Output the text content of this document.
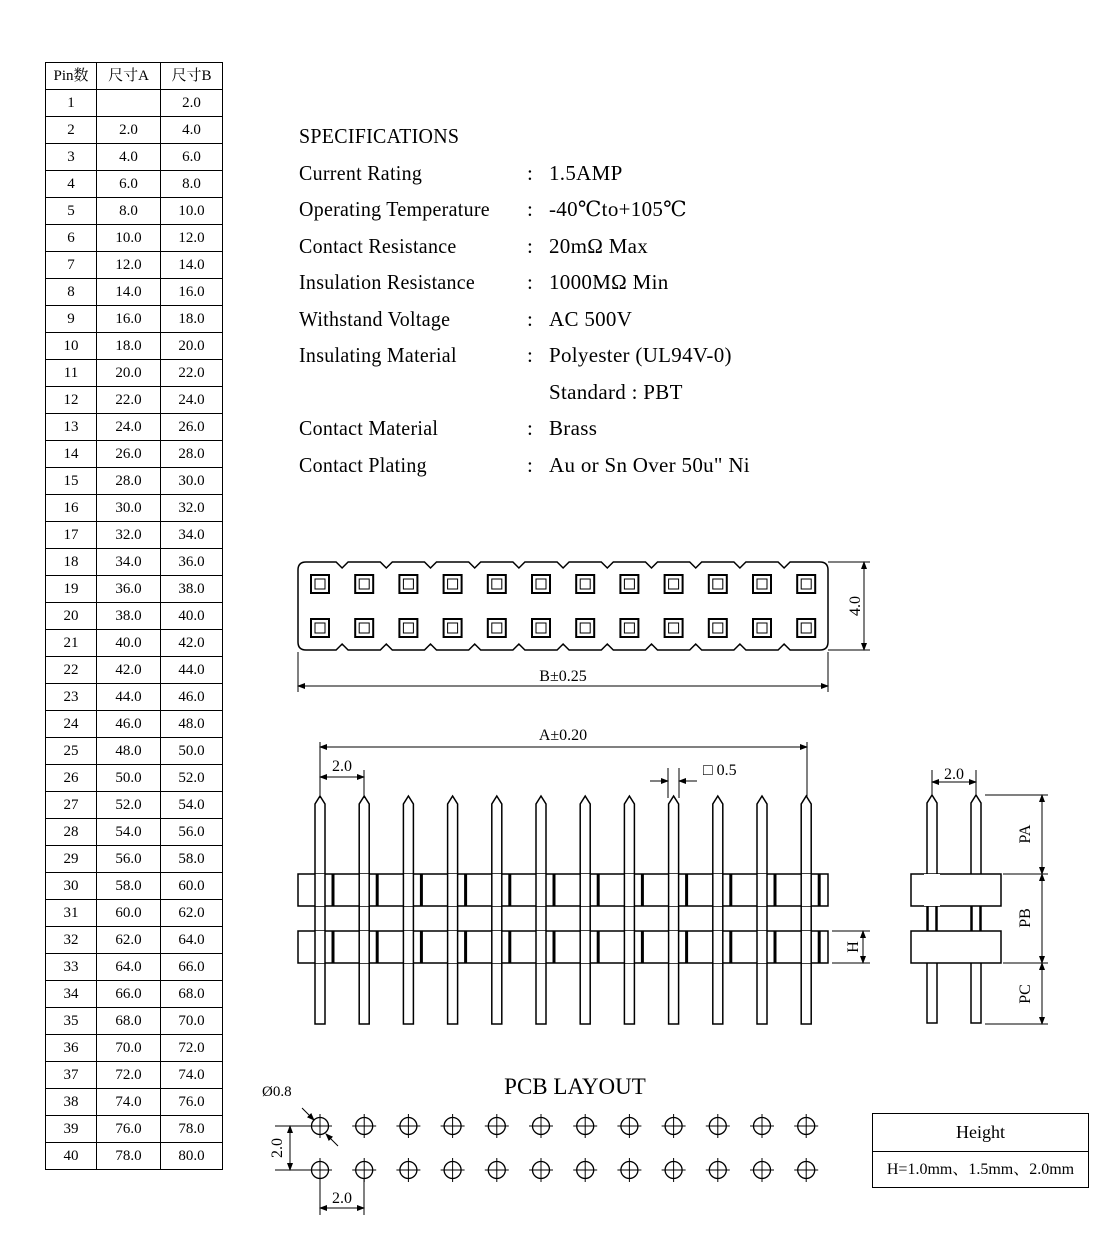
Pin数	尺寸A	尺寸B
1		2.0
2	2.0	4.0
3	4.0	6.0
4	6.0	8.0
5	8.0	10.0
6	10.0	12.0
7	12.0	14.0
8	14.0	16.0
9	16.0	18.0
10	18.0	20.0
11	20.0	22.0
12	22.0	24.0
13	24.0	26.0
14	26.0	28.0
15	28.0	30.0
16	30.0	32.0
17	32.0	34.0
18	34.0	36.0
19	36.0	38.0
20	38.0	40.0
21	40.0	42.0
22	42.0	44.0
23	44.0	46.0
24	46.0	48.0
25	48.0	50.0
26	50.0	52.0
27	52.0	54.0
28	54.0	56.0
29	56.0	58.0
30	58.0	60.0
31	60.0	62.0
32	62.0	64.0
33	64.0	66.0
34	66.0	68.0
35	68.0	70.0
36	70.0	72.0
37	72.0	74.0
38	74.0	76.0
39	76.0	78.0
40	78.0	80.0
SPECIFICATIONS
Current Rating	: 1.5AMP
Operating Temperature	: -40℃to+105℃
Contact Resistance	: 20mΩ Max
Insulation Resistance	: 1000MΩ Min
Withstand Voltage	: AC 500V
Insulating Material	: Polyester (UL94V-0)
Standard : PBT
Contact Material	: Brass
Contact Plating	: Au or Sn Over 50u" Ni
4.0
B±0.25
A±0.20
2.0	□ 0.5
H
2.0
PA
PB
PC
PCB LAYOUT
Ø0.8
2.0
2.0
Height
H=1.0mm、1.5mm、2.0mm
